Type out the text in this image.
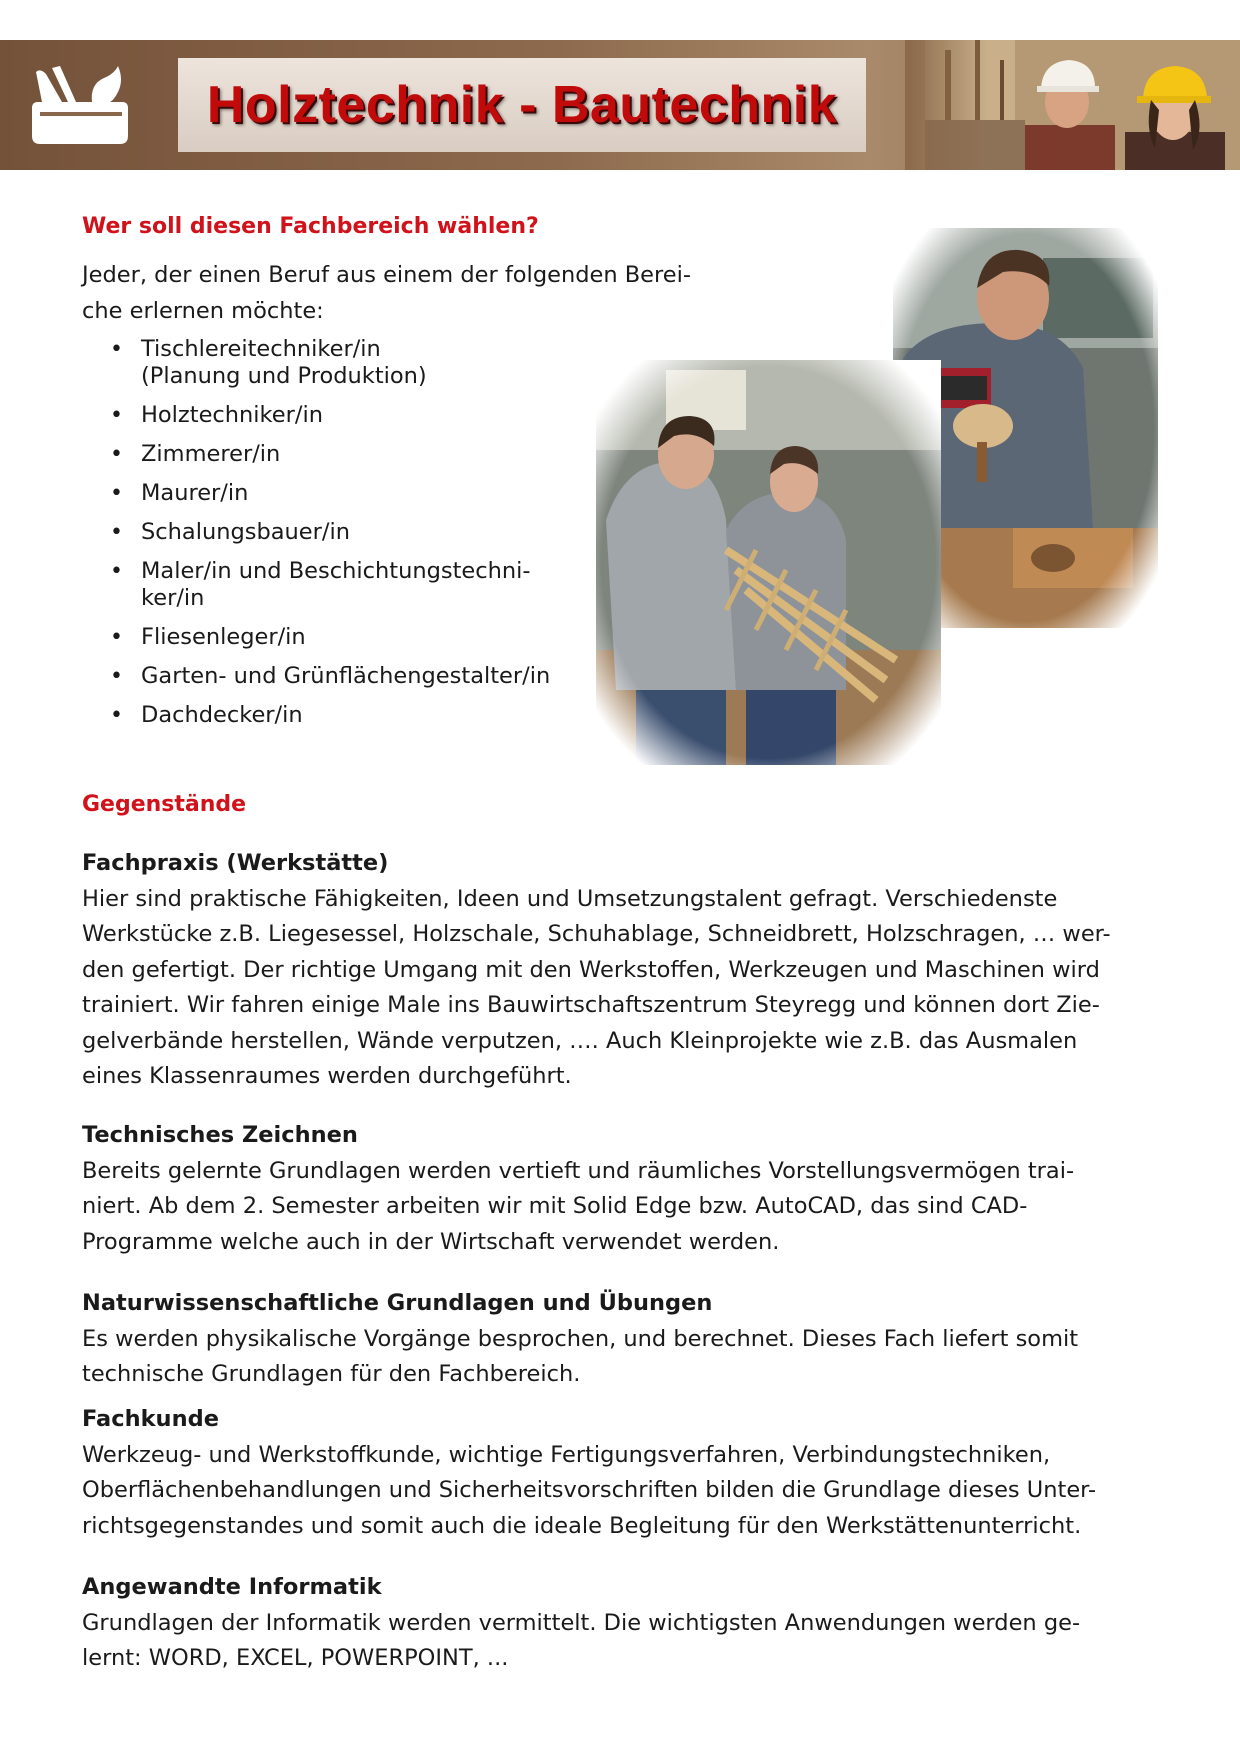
Holztechnik - Bautechnik
Wer soll diesen Fachbereich wählen?

Jeder, der einen Beruf aus einem der folgenden Berei-
che erlernen möchte:

• Tischlereitechniker/in
(Planung und Produktion)
• Holztechniker/in
• Zimmerer/in
• Maurer/in
• Schalungsbauer/in
• Maler/in und Beschichtungstechni-
ker/in
• Fliesenleger/in
• Garten- und Grünflächengestalter/in
• Dachdecker/in
Gegenstände
Fachpraxis (Werkstätte)
Hier sind praktische Fähigkeiten, Ideen und Umsetzungstalent gefragt. Verschiedenste
Werkstücke z.B. Liegesessel, Holzschale, Schuhablage, Schneidbrett, Holzschragen, … wer-
den gefertigt. Der richtige Umgang mit den Werkstoffen, Werkzeugen und Maschinen wird
trainiert. Wir fahren einige Male ins Bauwirtschaftszentrum Steyregg und können dort Zie-
gelverbände herstellen, Wände verputzen, …. Auch Kleinprojekte wie z.B. das Ausmalen
eines Klassenraumes werden durchgeführt.
Technisches Zeichnen
Bereits gelernte Grundlagen werden vertieft und räumliches Vorstellungsvermögen trai-
niert. Ab dem 2. Semester arbeiten wir mit Solid Edge bzw. AutoCAD, das sind CAD-
Programme welche auch in der Wirtschaft verwendet werden.
Naturwissenschaftliche Grundlagen und Übungen
Es werden physikalische Vorgänge besprochen, und berechnet. Dieses Fach liefert somit
technische Grundlagen für den Fachbereich.
Fachkunde
Werkzeug- und Werkstoffkunde, wichtige Fertigungsverfahren, Verbindungstechniken,
Oberflächenbehandlungen und Sicherheitsvorschriften bilden die Grundlage dieses Unter-
richtsgegenstandes und somit auch die ideale Begleitung für den Werkstättenunterricht.
Angewandte Informatik
Grundlagen der Informatik werden vermittelt. Die wichtigsten Anwendungen werden ge-
lernt: WORD, EXCEL, POWERPOINT, ...
